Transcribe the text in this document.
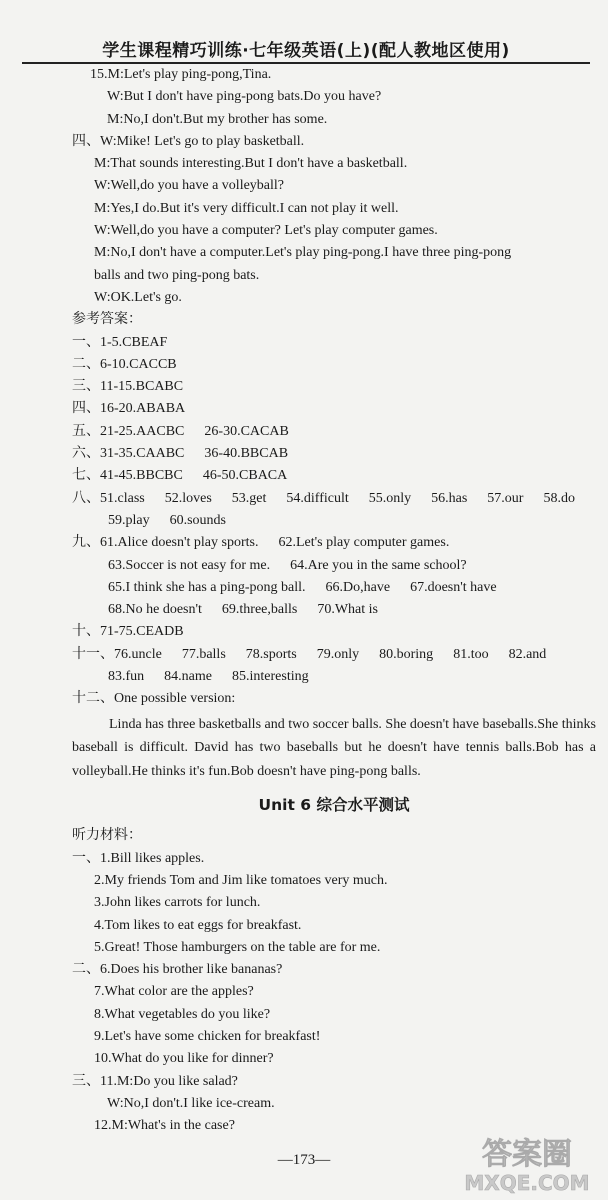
学生课程精巧训练·七年级英语(上)(配人教地区使用)
15.M:Let's play ping-pong,Tina.
W:But I don't have ping-pong bats.Do you have?
M:No,I don't.But my brother has some.
四、W:Mike! Let's go to play basketball.
M:That sounds interesting.But I don't have a basketball.
W:Well,do you have a volleyball?
M:Yes,I do.But it's very difficult.I can not play it well.
W:Well,do you have a computer? Let's play computer games.
M:No,I don't have a computer.Let's play ping-pong.I have three ping-pong
balls and two ping-pong bats.
W:OK.Let's go.
参考答案：
一、1-5.CBEAF
二、6-10.CACCB
三、11-15.BCABC
四、16-20.ABABA
五、21-25.AACBC 26-30.CACAB
六、31-35.CAABC 36-40.BBCAB
七、41-45.BBCBC 46-50.CBACA
八、51.class 52.loves 53.get 54.difficult 55.only 56.has 57.our 58.do
59.play 60.sounds
九、61.Alice doesn't play sports. 62.Let's play computer games.
63.Soccer is not easy for me. 64.Are you in the same school?
65.I think she has a ping-pong ball. 66.Do,have 67.doesn't have
68.No he doesn't 69.three,balls 70.What is
十、71-75.CEADB
十一、76.uncle 77.balls 78.sports 79.only 80.boring 81.too 82.and
83.fun 84.name 85.interesting
十二、One possible version:
Linda has three basketballs and two soccer balls. She doesn't have baseballs.She thinks baseball is difficult. David has two baseballs but he doesn't have tennis balls.Bob has a volleyball.He thinks it's fun.Bob doesn't have ping-pong balls.
Unit 6 综合水平测试
听力材料：
一、1.Bill likes apples.
2.My friends Tom and Jim like tomatoes very much.
3.John likes carrots for lunch.
4.Tom likes to eat eggs for breakfast.
5.Great! Those hamburgers on the table are for me.
二、6.Does his brother like bananas?
7.What color are the apples?
8.What vegetables do you like?
9.Let's have some chicken for breakfast!
10.What do you like for dinner?
三、11.M:Do you like salad?
W:No,I don't.I like ice-cream.
12.M:What's in the case?
—173—	答案圈
MXQE.COM
